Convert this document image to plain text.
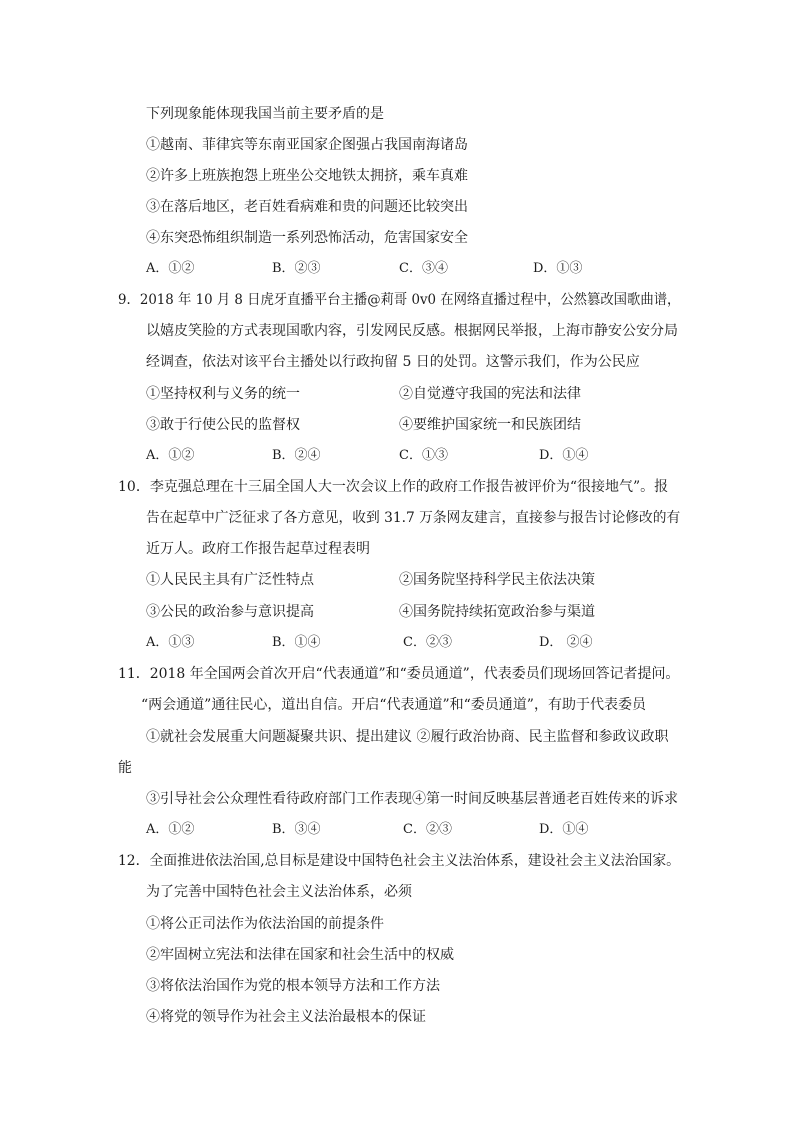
下列现象能体现我国当前主要矛盾的是
①越南、菲律宾等东南亚国家企图强占我国南海诸岛
②许多上班族抱怨上班坐公交地铁太拥挤，乘车真难
③在落后地区，老百姓看病难和贵的问题还比较突出
④东突恐怖组织制造一系列恐怖活动，危害国家安全
A．①②	B．②③	C．③④	D．①③
9．2018 年 10 月 8 日虎牙直播平台主播@莉哥 0v0 在网络直播过程中，公然篡改国歌曲谱，
以嬉皮笑脸的方式表现国歌内容，引发网民反感。根据网民举报，上海市静安公安分局
经调查，依法对该平台主播处以行政拘留 5 日的处罚。这警示我们，作为公民应
①坚持权利与义务的统一	②自觉遵守我国的宪法和法律
③敢于行使公民的监督权	④要维护国家统一和民族团结
A．①②	B．②④	C．①③	D．①④
10．李克强总理在十三届全国人大一次会议上作的政府工作报告被评价为“很接地气”。报
告在起草中广泛征求了各方意见，收到 31.7 万条网友建言，直接参与报告讨论修改的有
近万人。政府工作报告起草过程表明
①人民民主具有广泛性特点	②国务院坚持科学民主依法决策
③公民的政治参与意识提高	④国务院持续拓宽政治参与渠道
A．①③	B．①④	C．②③	D． ②④
11．2018 年全国两会首次开启“代表通道”和“委员通道”，代表委员们现场回答记者提问。
“两会通道”通往民心，道出自信。开启“代表通道”和“委员通道”，有助于代表委员
①就社会发展重大问题凝聚共识、提出建议 ②履行政治协商、民主监督和参政议政职
能
③引导社会公众理性看待政府部门工作表现④第一时间反映基层普通老百姓传来的诉求
A．①②	B．③④	C．②③	D．①④
12．全面推进依法治国,总目标是建设中国特色社会主义法治体系，建设社会主义法治国家。
为了完善中国特色社会主义法治体系，必须
①将公正司法作为依法治国的前提条件
②牢固树立宪法和法律在国家和社会生活中的权威
③将依法治国作为党的根本领导方法和工作方法
④将党的领导作为社会主义法治最根本的保证
